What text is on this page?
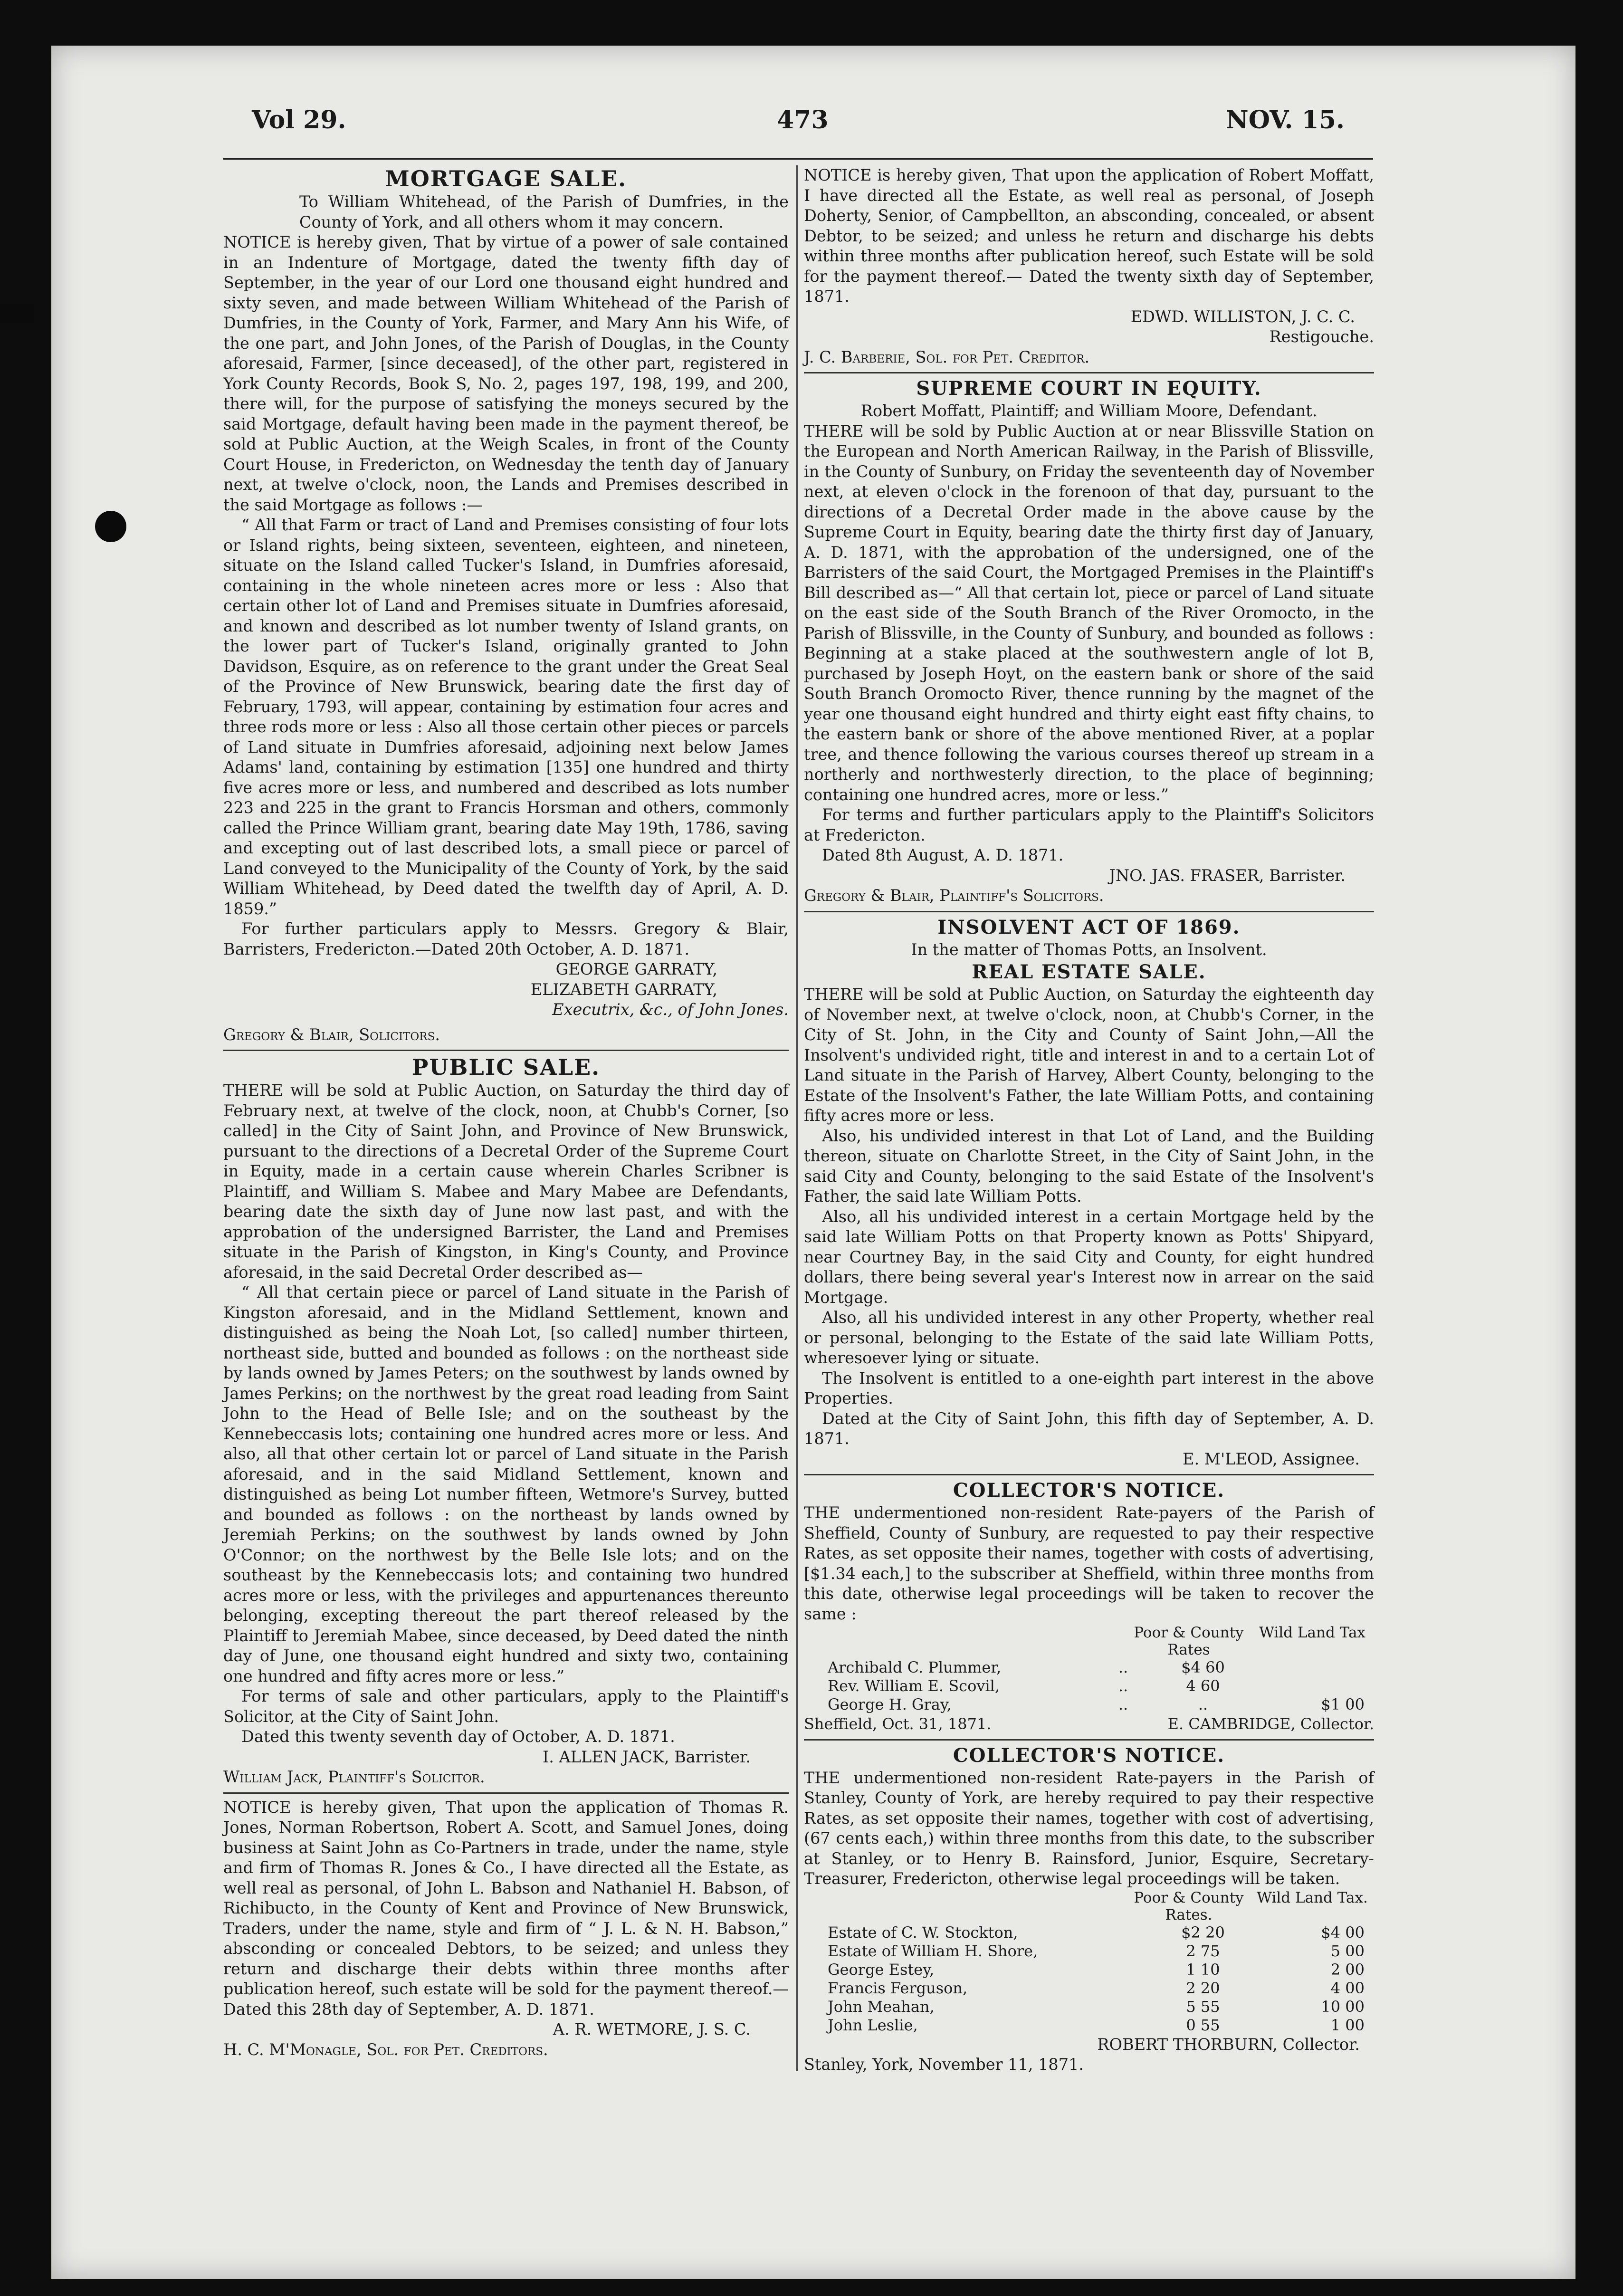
Vol 29.	473	NOV. 15.
MORTGAGE SALE.

To William Whitehead, of the Parish of Dumfries, in the County of York, and all others whom it may concern.

NOTICE is hereby given, That by virtue of a power of sale contained in an Indenture of Mortgage, dated the twenty fifth day of September, in the year of our Lord one thousand eight hundred and sixty seven, and made between William Whitehead of the Parish of Dumfries, in the County of York, Farmer, and Mary Ann his Wife, of the one part, and John Jones, of the Parish of Douglas, in the County aforesaid, Farmer, [since deceased], of the other part, registered in York County Records, Book S, No. 2, pages 197, 198, 199, and 200, there will, for the purpose of satisfying the moneys secured by the said Mortgage, default having been made in the payment thereof, be sold at Public Auction, at the Weigh Scales, in front of the County Court House, in Fredericton, on Wednesday the tenth day of January next, at twelve o'clock, noon, the Lands and Premises described in the said Mortgage as follows :—

“ All that Farm or tract of Land and Premises consisting of four lots or Island rights, being sixteen, seventeen, eighteen, and nineteen, situate on the Island called Tucker's Island, in Dumfries aforesaid, containing in the whole nineteen acres more or less : Also that certain other lot of Land and Premises situate in Dumfries aforesaid, and known and described as lot number twenty of Island grants, on the lower part of Tucker's Island, originally granted to John Davidson, Esquire, as on reference to the grant under the Great Seal of the Province of New Brunswick, bearing date the first day of February, 1793, will appear, containing by estimation four acres and three rods more or less : Also all those certain other pieces or parcels of Land situate in Dumfries aforesaid, adjoining next below James Adams' land, containing by estimation [135] one hundred and thirty five acres more or less, and numbered and described as lots number 223 and 225 in the grant to Francis Horsman and others, commonly called the Prince William grant, bearing date May 19th, 1786, saving and excepting out of last described lots, a small piece or parcel of Land conveyed to the Municipality of the County of York, by the said William Whitehead, by Deed dated the twelfth day of April, A. D. 1859.”

For further particulars apply to Messrs. Gregory & Blair, Barristers, Fredericton.—Dated 20th October, A. D. 1871.

GEORGE GARRATY,
ELIZABETH GARRATY,
Executrix, &c., of John Jones.
Gregory & Blair, Solicitors.
PUBLIC SALE.

THERE will be sold at Public Auction, on Saturday the third day of February next, at twelve of the clock, noon, at Chubb's Corner, [so called] in the City of Saint John, and Province of New Brunswick, pursuant to the directions of a Decretal Order of the Supreme Court in Equity, made in a certain cause wherein Charles Scribner is Plaintiff, and William S. Mabee and Mary Mabee are Defendants, bearing date the sixth day of June now last past, and with the approbation of the undersigned Barrister, the Land and Premises situate in the Parish of Kingston, in King's County, and Province aforesaid, in the said Decretal Order described as—

“ All that certain piece or parcel of Land situate in the Parish of Kingston aforesaid, and in the Midland Settlement, known and distinguished as being the Noah Lot, [so called] number thirteen, northeast side, butted and bounded as follows : on the northeast side by lands owned by James Peters; on the southwest by lands owned by James Perkins; on the northwest by the great road leading from Saint John to the Head of Belle Isle; and on the southeast by the Kennebeccasis lots; containing one hundred acres more or less. And also, all that other certain lot or parcel of Land situate in the Parish aforesaid, and in the said Midland Settlement, known and distinguished as being Lot number fifteen, Wetmore's Survey, butted and bounded as follows : on the northeast by lands owned by Jeremiah Perkins; on the southwest by lands owned by John O'Connor; on the northwest by the Belle Isle lots; and on the southeast by the Kennebeccasis lots; and containing two hundred acres more or less, with the privileges and appurtenances thereunto belonging, excepting thereout the part thereof released by the Plaintiff to Jeremiah Mabee, since deceased, by Deed dated the ninth day of June, one thousand eight hundred and sixty two, containing one hundred and fifty acres more or less.”

For terms of sale and other particulars, apply to the Plaintiff's Solicitor, at the City of Saint John.

Dated this twenty seventh day of October, A. D. 1871.

I. ALLEN JACK, Barrister.
William Jack, Plaintiff's Solicitor.

NOTICE is hereby given, That upon the application of Thomas R. Jones, Norman Robertson, Robert A. Scott, and Samuel Jones, doing business at Saint John as Co-Partners in trade, under the name, style and firm of Thomas R. Jones & Co., I have directed all the Estate, as well real as personal, of John L. Babson and Nathaniel H. Babson, of Richibucto, in the County of Kent and Province of New Brunswick, Traders, under the name, style and firm of “ J. L. & N. H. Babson,” absconding or concealed Debtors, to be seized; and unless they return and discharge their debts within three months after publication hereof, such estate will be sold for the payment thereof.—Dated this 28th day of September, A. D. 1871.

A. R. WETMORE, J. S. C.
H. C. M'Monagle, Sol. for Pet. Creditors.

NOTICE is hereby given, That upon the application of Robert Moffatt, I have directed all the Estate, as well real as personal, of Joseph Doherty, Senior, of Campbellton, an absconding, concealed, or absent Debtor, to be seized; and unless he return and discharge his debts within three months after publication hereof, such Estate will be sold for the payment thereof.— Dated the twenty sixth day of September, 1871.

EDWD. WILLISTON, J. C. C.
Restigouche.
J. C. Barberie, Sol. for Pet. Creditor.
SUPREME COURT IN EQUITY.
Robert Moffatt, Plaintiff; and William Moore, Defendant.

THERE will be sold by Public Auction at or near Blissville Station on the European and North American Railway, in the Parish of Blissville, in the County of Sunbury, on Friday the seventeenth day of November next, at eleven o'clock in the forenoon of that day, pursuant to the directions of a Decretal Order made in the above cause by the Supreme Court in Equity, bearing date the thirty first day of January, A. D. 1871, with the approbation of the undersigned, one of the Barristers of the said Court, the Mortgaged Premises in the Plaintiff's Bill described as—“ All that certain lot, piece or parcel of Land situate on the east side of the South Branch of the River Oromocto, in the Parish of Blissville, in the County of Sunbury, and bounded as follows : Beginning at a stake placed at the southwestern angle of lot B, purchased by Joseph Hoyt, on the eastern bank or shore of the said South Branch Oromocto River, thence running by the magnet of the year one thousand eight hundred and thirty eight east fifty chains, to the eastern bank or shore of the above mentioned River, at a poplar tree, and thence following the various courses thereof up stream in a northerly and northwesterly direction, to the place of beginning; containing one hundred acres, more or less.”

For terms and further particulars apply to the Plaintiff's Solicitors at Fredericton.

Dated 8th August, A. D. 1871.

JNO. JAS. FRASER, Barrister.
Gregory & Blair, Plaintiff's Solicitors.
INSOLVENT ACT OF 1869.
In the matter of Thomas Potts, an Insolvent.
REAL ESTATE SALE.

THERE will be sold at Public Auction, on Saturday the eighteenth day of November next, at twelve o'clock, noon, at Chubb's Corner, in the City of St. John, in the City and County of Saint John,—All the Insolvent's undivided right, title and interest in and to a certain Lot of Land situate in the Parish of Harvey, Albert County, belonging to the Estate of the Insolvent's Father, the late William Potts, and containing fifty acres more or less.

Also, his undivided interest in that Lot of Land, and the Building thereon, situate on Charlotte Street, in the City of Saint John, in the said City and County, belonging to the said Estate of the Insolvent's Father, the said late William Potts.

Also, all his undivided interest in a certain Mortgage held by the said late William Potts on that Property known as Potts' Shipyard, near Courtney Bay, in the said City and County, for eight hundred dollars, there being several year's Interest now in arrear on the said Mortgage.

Also, all his undivided interest in any other Property, whether real or personal, belonging to the Estate of the said late William Potts, wheresoever lying or situate.

The Insolvent is entitled to a one-eighth part interest in the above Properties.

Dated at the City of Saint John, this fifth day of September, A. D. 1871.

E. M'LEOD, Assignee.
COLLECTOR'S NOTICE.

THE undermentioned non-resident Rate-payers of the Parish of Sheffield, County of Sunbury, are requested to pay their respective Rates, as set opposite their names, together with costs of advertising, [$1.34 each,] to the subscriber at Sheffield, within three months from this date, otherwise legal proceedings will be taken to recover the same :

Poor & County Rates
Wild Land Tax
Archibald C. Plummer,	..	$4 60	
Rev. William E. Scovil,	..	4 60	
George H. Gray,	..	..	$1 00
Sheffield, Oct. 31, 1871.	E. CAMBRIDGE, Collector.
COLLECTOR'S NOTICE.

THE undermentioned non-resident Rate-payers in the Parish of Stanley, County of York, are hereby required to pay their respective Rates, as set opposite their names, together with cost of advertising, (67 cents each,) within three months from this date, to the subscriber at Stanley, or to Henry B. Rainsford, Junior, Esquire, Secretary-Treasurer, Fredericton, otherwise legal proceedings will be taken.

Poor & County Rates.
Wild Land Tax.
Estate of C. W. Stockton,		$2 20	$4 00
Estate of William H. Shore,		2 75	5 00
George Estey,		1 10	2 00
Francis Ferguson,		2 20	4 00
John Meahan,		5 55	10 00
John Leslie,		0 55	1 00
ROBERT THORBURN, Collector.
Stanley, York, November 11, 1871.
